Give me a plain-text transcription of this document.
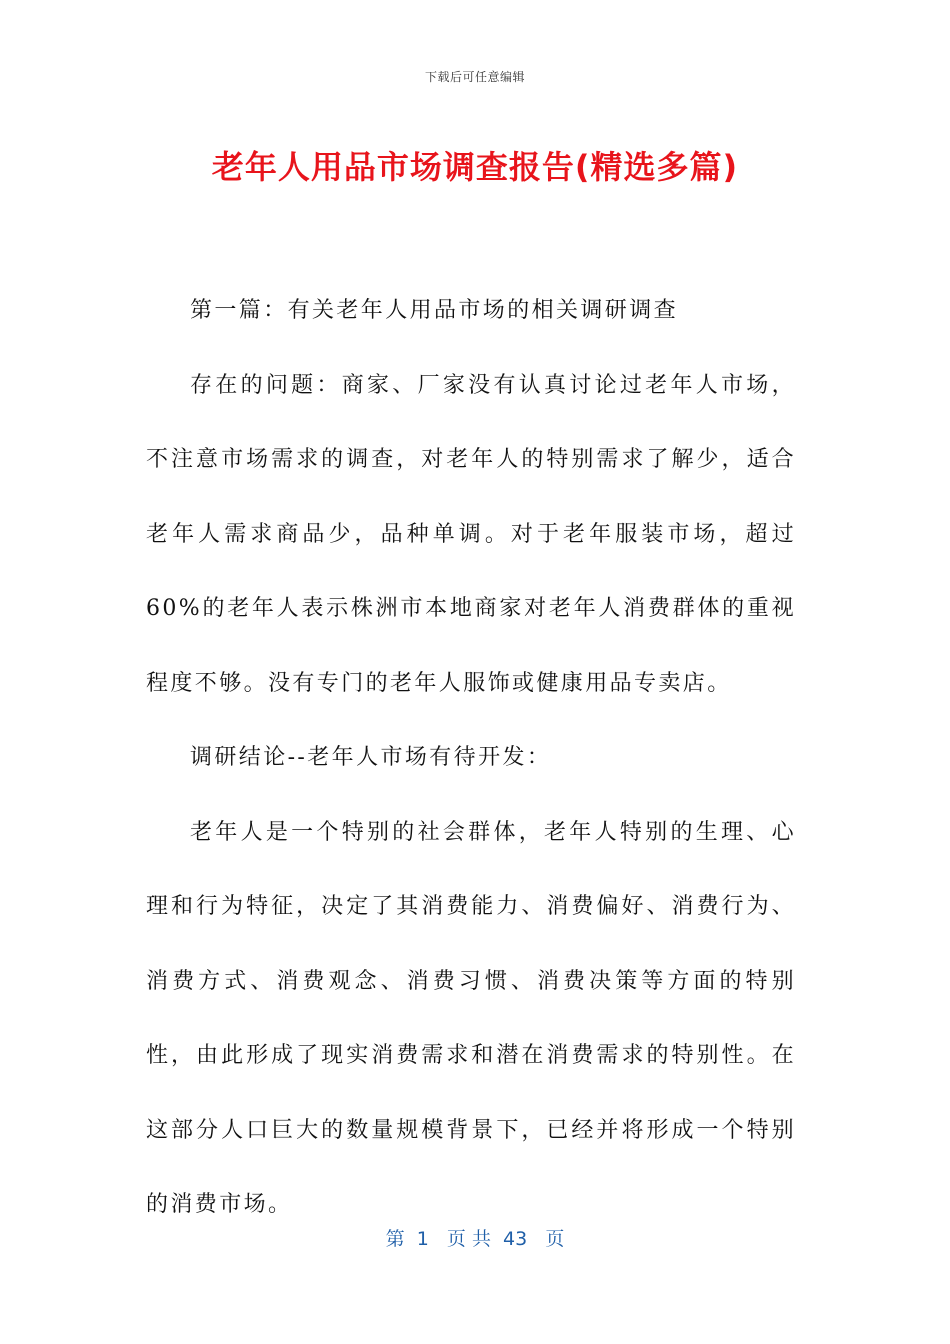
下载后可任意编辑
老年人用品市场调查报告(精选多篇)

第一篇：有关老年人用品市场的相关调研调查

存在的问题：商家、厂家没有认真讨论过老年人市场，不注意市场需求的调查，对老年人的特别需求了解少，适合老年人需求商品少，品种单调。对于老年服装市场，超过60%的老年人表示株洲市本地商家对老年人消费群体的重视程度不够。没有专门的老年人服饰或健康用品专卖店。

调研结论--老年人市场有待开发：

老年人是一个特别的社会群体，老年人特别的生理、心理和行为特征，决定了其消费能力、消费偏好、消费行为、消费方式、消费观念、消费习惯、消费决策等方面的特别性，由此形成了现实消费需求和潜在消费需求的特别性。在这部分人口巨大的数量规模背景下，已经并将形成一个特别的消费市场。

第  1   页 共  43   页
